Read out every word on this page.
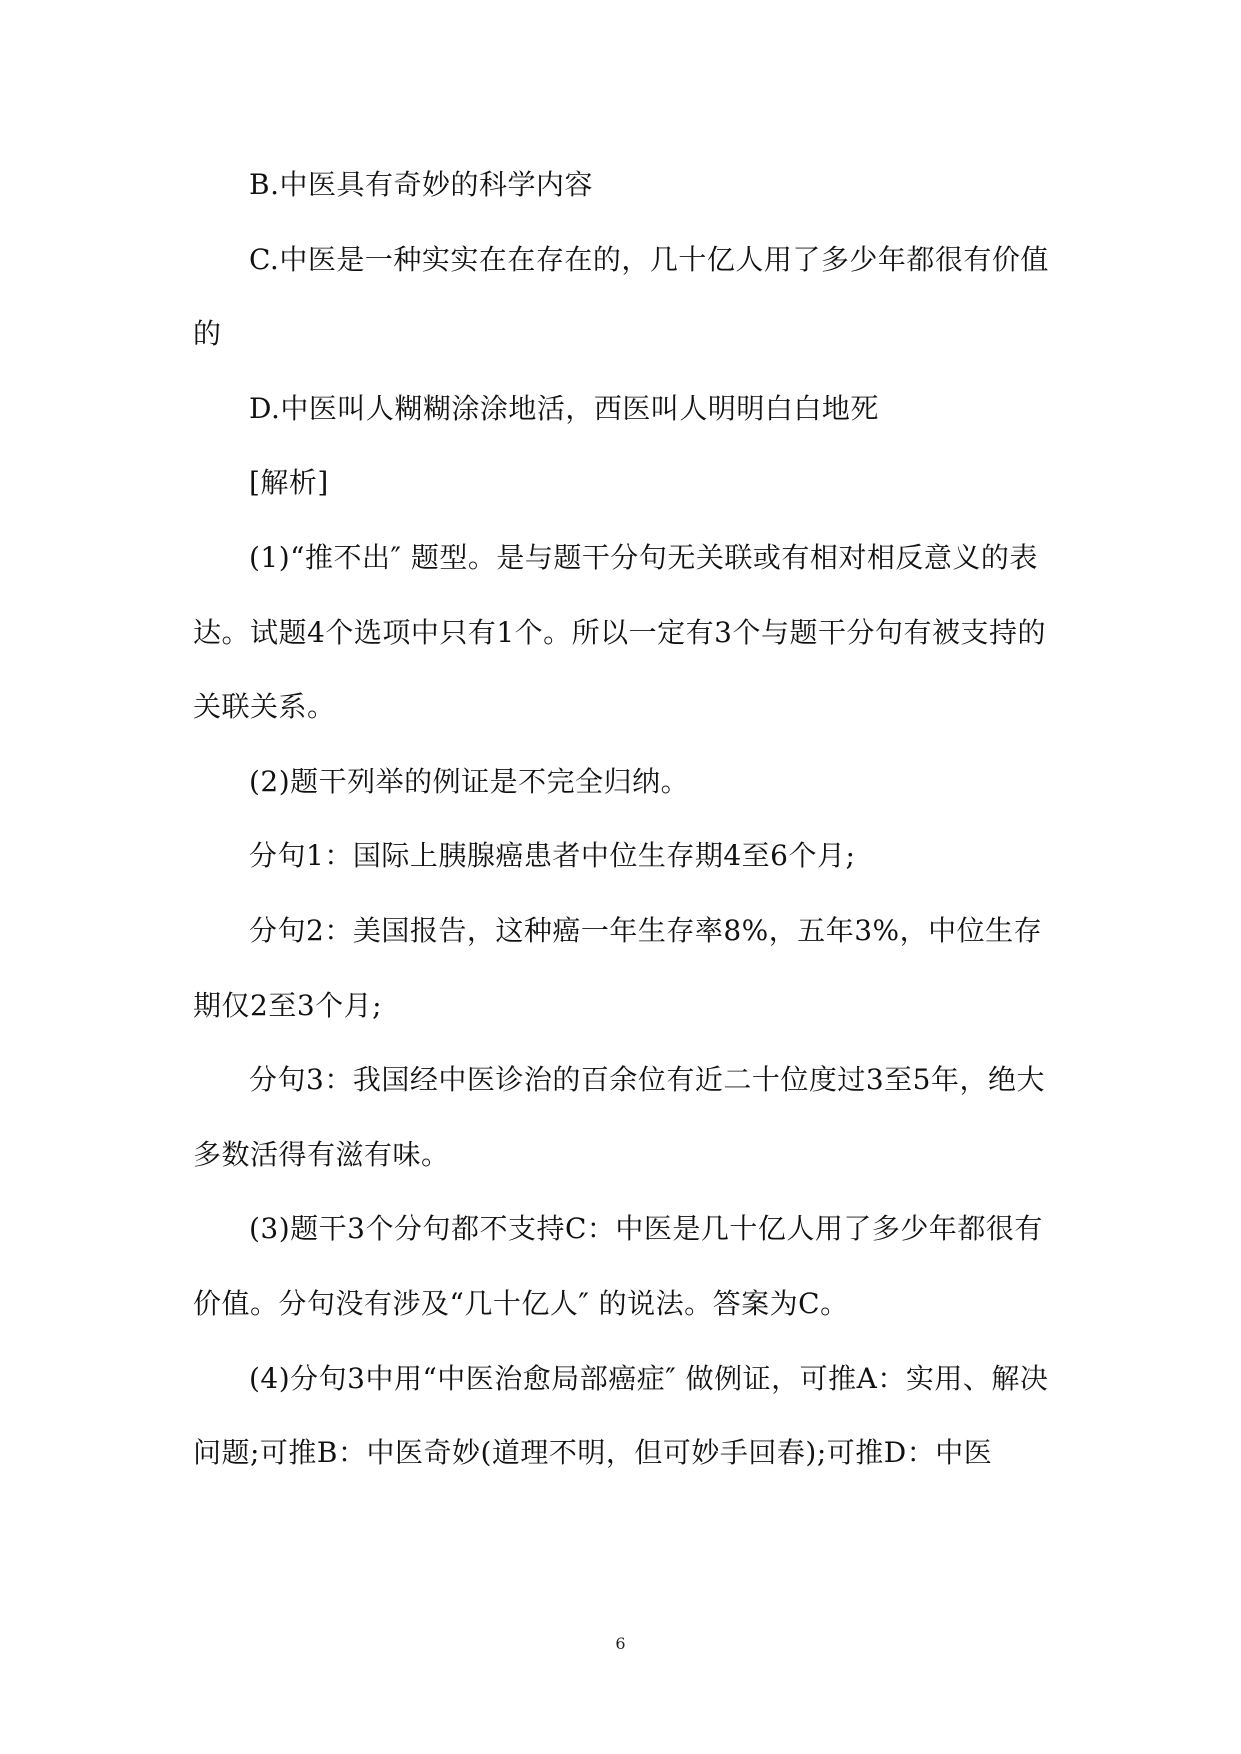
B.中医具有奇妙的科学内容

C.中医是一种实实在在存在的，几十亿人用了多少年都很有价值的

D.中医叫人糊糊涂涂地活，西医叫人明明白白地死

[解析]

(1)“推不出″ 题型。是与题干分句无关联或有相对相反意义的表达。试题4个选项中只有1个。所以一定有3个与题干分句有被支持的关联关系。

(2)题干列举的例证是不完全归纳。

分句1：国际上胰腺癌患者中位生存期4至6个月;

分句2：美国报告，这种癌一年生存率8%，五年3%，中位生存期仅2至3个月;

分句3：我国经中医诊治的百余位有近二十位度过3至5年，绝大多数活得有滋有味。

(3)题干3个分句都不支持C：中医是几十亿人用了多少年都很有价值。分句没有涉及“几十亿人″ 的说法。答案为C。

(4)分句3中用“中医治愈局部癌症″ 做例证，可推A：实用、解决问题;可推B：中医奇妙(道理不明，但可妙手回春);可推D：中医

6
